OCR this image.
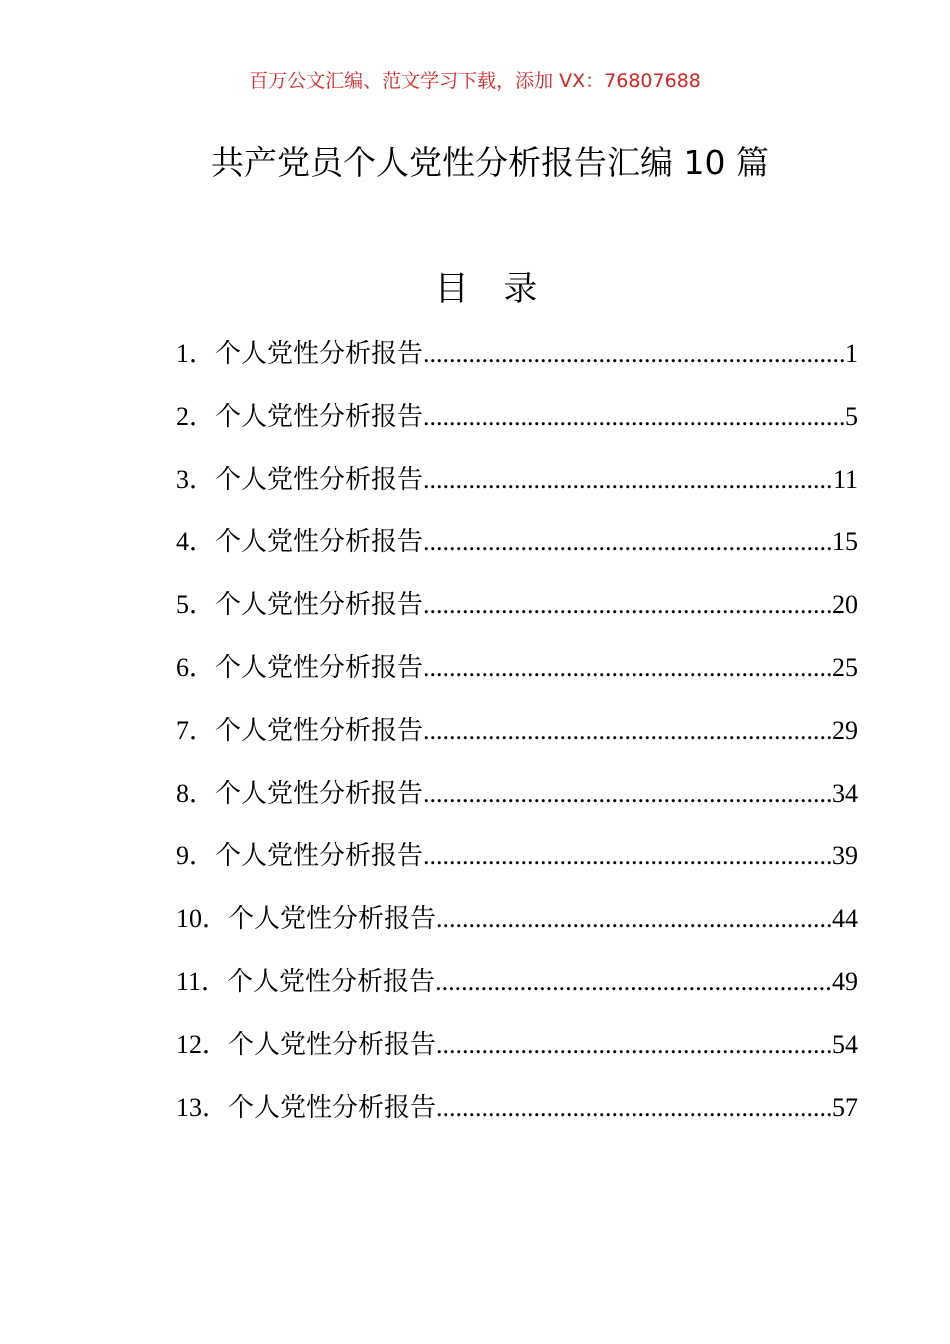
百万公文汇编、范文学习下载，添加 VX：76807688
共产党员个人党性分析报告汇编 10 篇
目 录
1． 个人党性分析报告 .....	1
2． 个人党性分析报告 .....	5
3． 个人党性分析报告 .....	11
4． 个人党性分析报告 .....	15
5． 个人党性分析报告 .....	20
6． 个人党性分析报告 .....	25
7． 个人党性分析报告 .....	29
8． 个人党性分析报告 .....	34
9． 个人党性分析报告 .....	39
10． 个人党性分析报告 .....	44
11． 个人党性分析报告 .....	49
12． 个人党性分析报告 .....	54
13． 个人党性分析报告 .....	57
